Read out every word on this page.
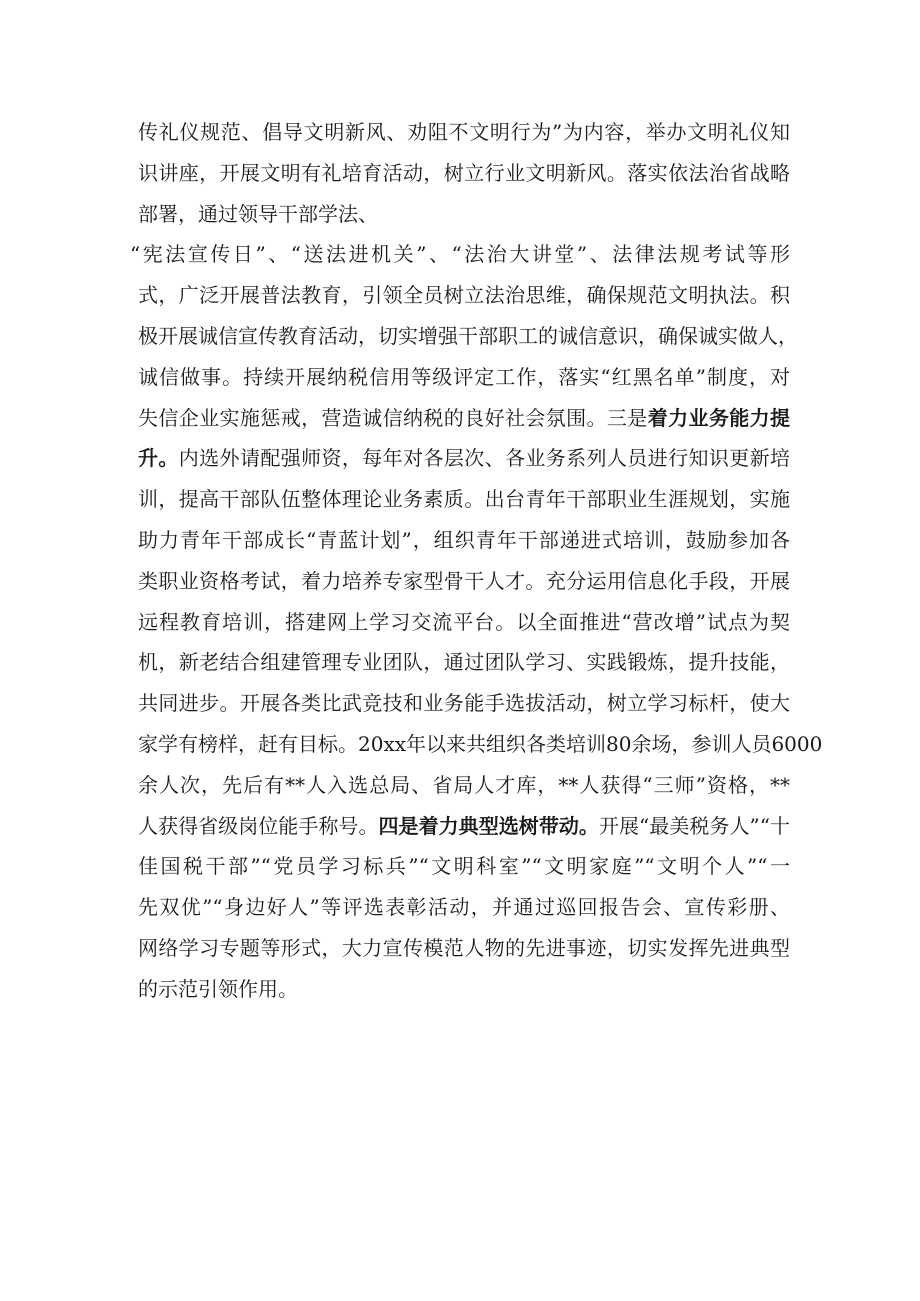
传礼仪规范、倡导文明新风、劝阻不文明行为”为内容，举办文明礼仪知
识讲座，开展文明有礼培育活动，树立行业文明新风。落实依法治省战略
部署，通过领导干部学法、
“宪法宣传日”、“送法进机关”、“法治大讲堂”、法律法规考试等形
式，广泛开展普法教育，引领全员树立法治思维，确保规范文明执法。积
极开展诚信宣传教育活动，切实增强干部职工的诚信意识，确保诚实做人，
诚信做事。持续开展纳税信用等级评定工作，落实“红黑名单”制度，对
失信企业实施惩戒，营造诚信纳税的良好社会氛围。三是着力业务能力提
升。内选外请配强师资，每年对各层次、各业务系列人员进行知识更新培
训，提高干部队伍整体理论业务素质。出台青年干部职业生涯规划，实施
助力青年干部成长“青蓝计划”，组织青年干部递进式培训，鼓励参加各
类职业资格考试，着力培养专家型骨干人才。充分运用信息化手段，开展
远程教育培训，搭建网上学习交流平台。以全面推进“营改增”试点为契
机，新老结合组建管理专业团队，通过团队学习、实践锻炼，提升技能，
共同进步。开展各类比武竞技和业务能手选拔活动，树立学习标杆，使大
家学有榜样，赶有目标。20xx年以来共组织各类培训80余场，参训人员6000
余人次，先后有**人入选总局、省局人才库，**人获得“三师”资格，**
人获得省级岗位能手称号。四是着力典型选树带动。开展“最美税务人”“十
佳国税干部”“党员学习标兵”“文明科室”“文明家庭”“文明个人”“一
先双优”“身边好人”等评选表彰活动，并通过巡回报告会、宣传彩册、
网络学习专题等形式，大力宣传模范人物的先进事迹，切实发挥先进典型
的示范引领作用。
